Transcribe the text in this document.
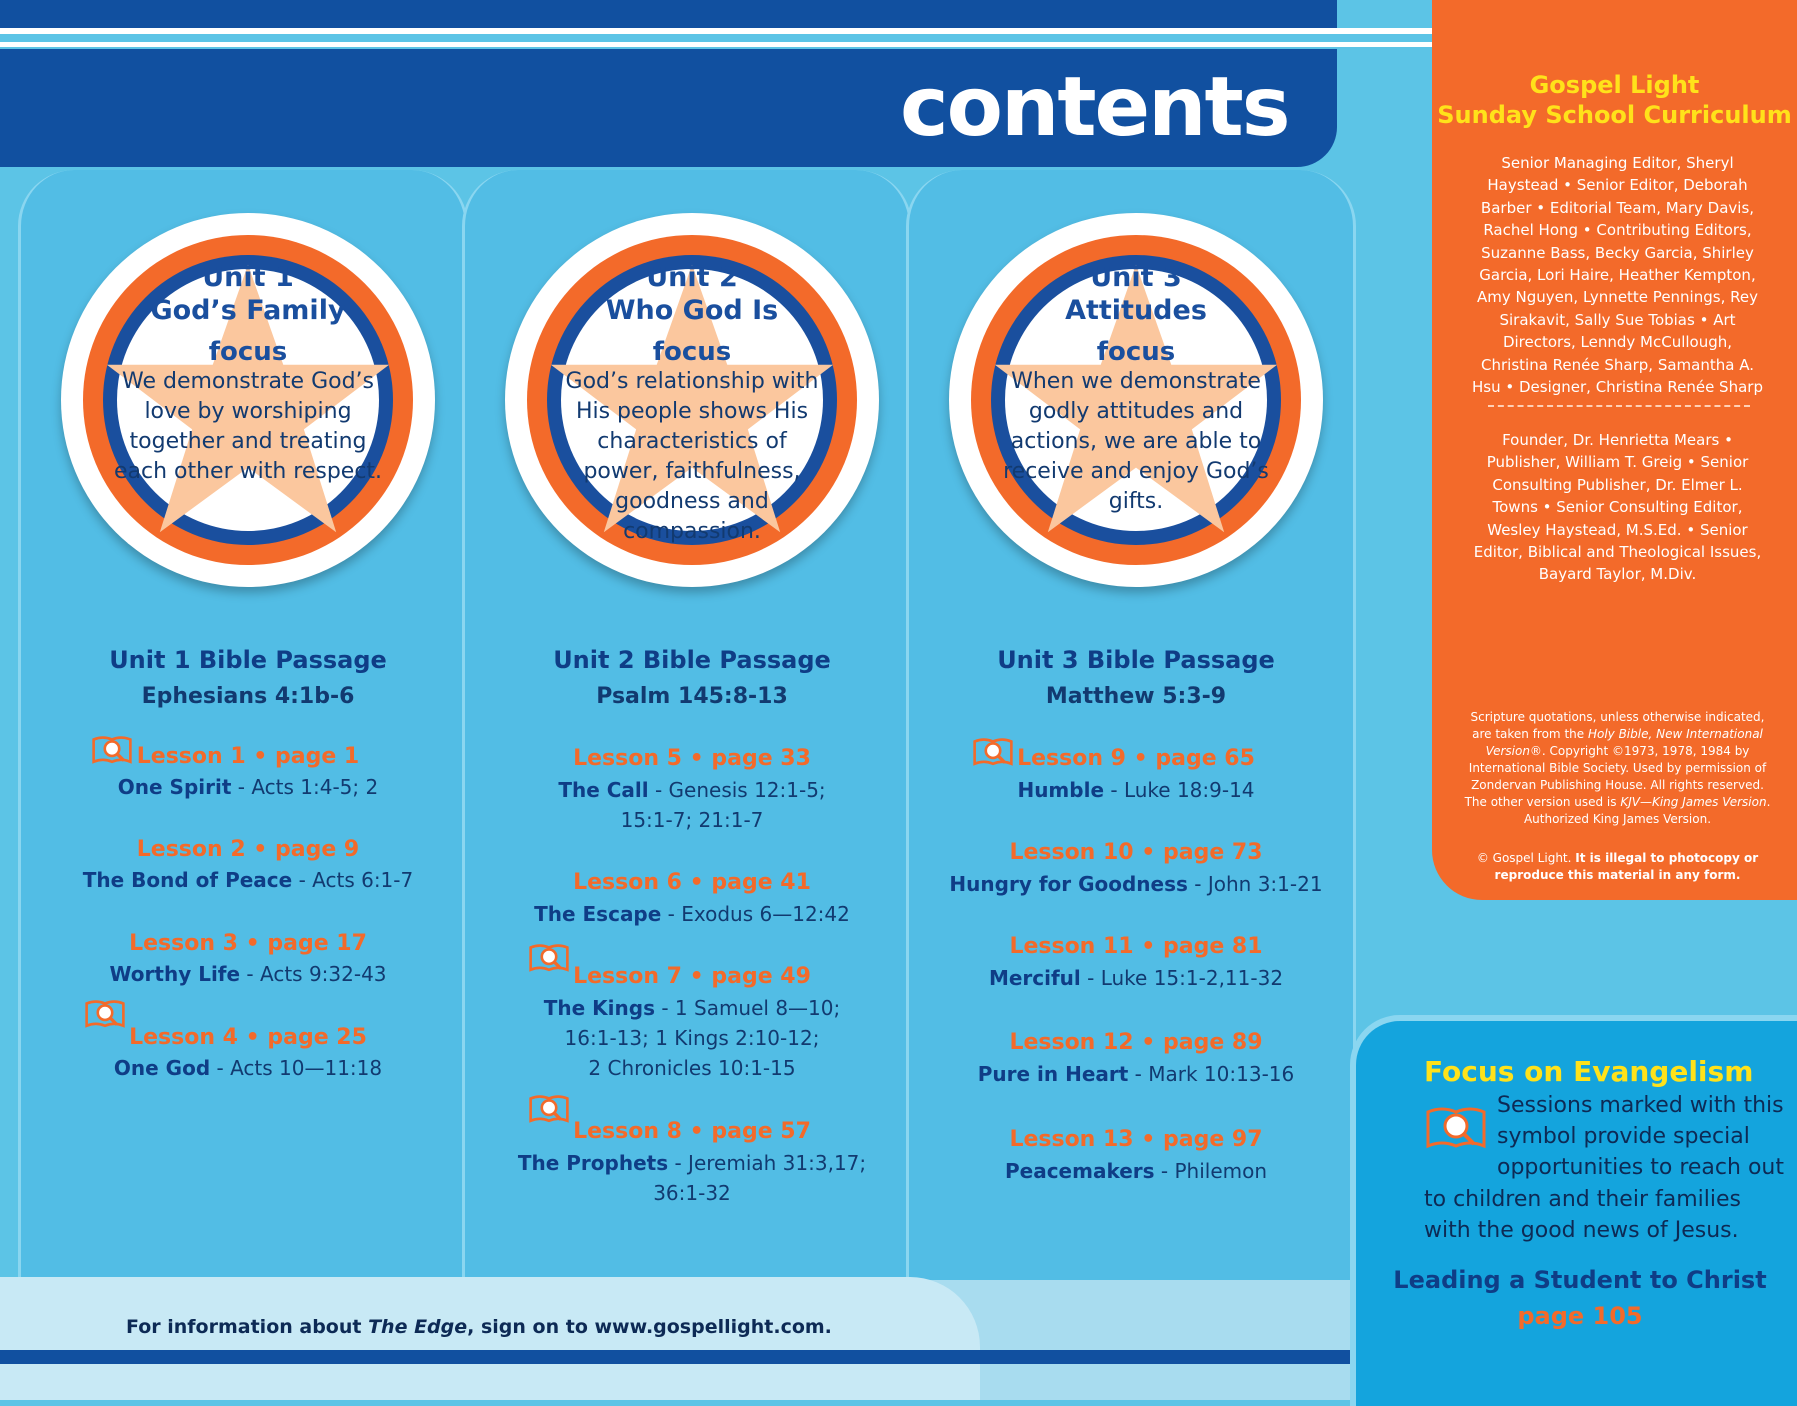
contents	Gospel Light
Sunday School Curriculum
Senior Managing Editor, Sheryl Haystead • Senior Editor, Deborah Barber • Editorial Team, Mary Davis, Rachel Hong • Contributing Editors, Suzanne Bass, Becky Garcia, Shirley Garcia, Lori Haire, Heather Kempton, Amy Nguyen, Lynnette Pennings, Rey Sirakavit, Sally Sue Tobias • Art Directors, Lenndy McCullough, Christina Renée Sharp, Samantha A. Hsu • Designer, Christina Renée Sharp
Founder, Dr. Henrietta Mears • Publisher, William T. Greig • Senior Consulting Publisher, Dr. Elmer L. Towns • Senior Consulting Editor, Wesley Haystead, M.S.Ed. • Senior Editor, Biblical and Theological Issues, Bayard Taylor, M.Div.
Scripture quotations, unless otherwise indicated, are taken from the Holy Bible, New International Version®. Copyright ©1973, 1978, 1984 by International Bible Society. Used by permission of Zondervan Publishing House. All rights reserved. The other version used is KJV—King James Version. Authorized King James Version.
© Gospel Light. It is illegal to photocopy or reproduce this material in any form.
Focus on Evangelism
Sessions marked with this symbol provide special opportunities to reach out
to children and their families with the good news of Jesus.
Leading a Student to Christ
page 105
Unit 1
God’s Family
focus
We demonstrate God’s love by worshiping together and treating each other with respect.
Unit 2
Who God Is
focus
God’s relationship with His people shows His characteristics of power, faithfulness, goodness and compassion.
Unit 3
Attitudes
focus
When we demonstrate godly attitudes and actions, we are able to receive and enjoy God’s gifts.
Unit 1 Bible Passage
Ephesians 4:1b-6
Lesson 1 • page 1
One Spirit - Acts 1:4-5; 2
Lesson 2 • page 9
The Bond of Peace - Acts 6:1-7
Lesson 3 • page 17
Worthy Life - Acts 9:32-43
Lesson 4 • page 25
One God - Acts 10—11:18
Unit 2 Bible Passage
Psalm 145:8-13
Lesson 5 • page 33
The Call - Genesis 12:1-5;
15:1-7; 21:1-7
Lesson 6 • page 41
The Escape - Exodus 6—12:42
Lesson 7 • page 49
The Kings - 1 Samuel 8—10;
16:1-13; 1 Kings 2:10-12;
2 Chronicles 10:1-15
Lesson 8 • page 57
The Prophets - Jeremiah 31:3,17;
36:1-32
Unit 3 Bible Passage
Matthew 5:3-9
Lesson 9 • page 65
Humble - Luke 18:9-14
Lesson 10 • page 73
Hungry for Goodness - John 3:1-21
Lesson 11 • page 81
Merciful - Luke 15:1-2,11-32
Lesson 12 • page 89
Pure in Heart - Mark 10:13-16
Lesson 13 • page 97
Peacemakers - Philemon
For information about The Edge, sign on to www.gospellight.com.
